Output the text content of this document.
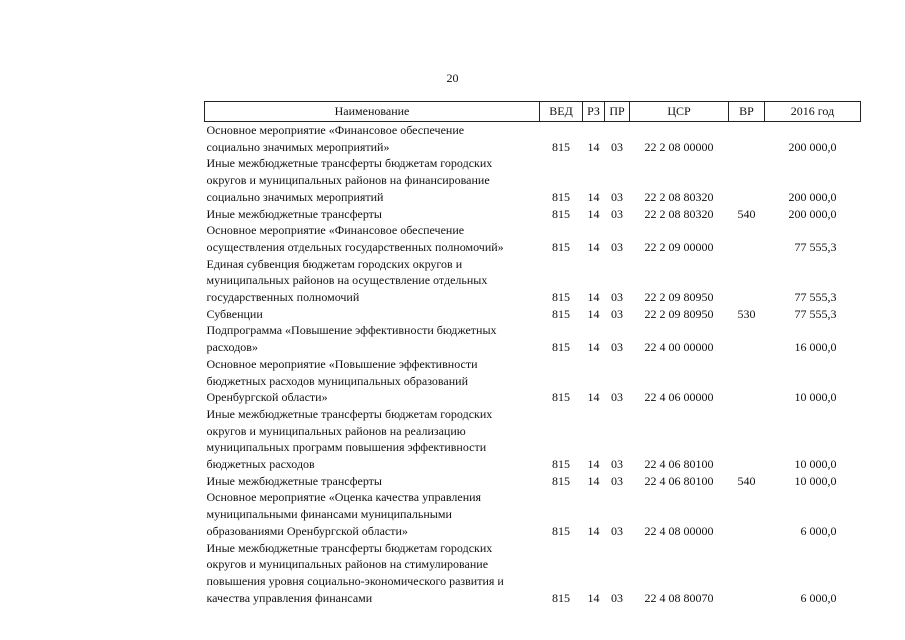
20
Наименование	ВЕД	РЗ	ПР	ЦСР	ВР	2016 год

Основное мероприятие «Финансовое обеспечение
социально значимых мероприятий»	815	14	03	22 2 08 00000		200 000,0

Иные межбюджетные трансферты бюджетам городских
округов и муниципальных районов на финансирование
социально значимых мероприятий	815	14	03	22 2 08 80320		200 000,0

Иные межбюджетные трансферты	815	14	03	22 2 08 80320	540	200 000,0

Основное мероприятие «Финансовое обеспечение
осуществления отдельных государственных полномочий»	815	14	03	22 2 09 00000		77 555,3

Единая субвенция бюджетам городских округов и
муниципальных районов на осуществление отдельных
государственных полномочий	815	14	03	22 2 09 80950		77 555,3

Субвенции	815	14	03	22 2 09 80950	530	77 555,3

Подпрограмма «Повышение эффективности бюджетных
расходов»	815	14	03	22 4 00 00000		16 000,0

Основное мероприятие «Повышение эффективности
бюджетных расходов муниципальных образований
Оренбургской области»	815	14	03	22 4 06 00000		10 000,0

Иные межбюджетные трансферты бюджетам городских
округов и муниципальных районов на реализацию
муниципальных программ повышения эффективности
бюджетных расходов	815	14	03	22 4 06 80100		10 000,0

Иные межбюджетные трансферты	815	14	03	22 4 06 80100	540	10 000,0

Основное мероприятие «Оценка качества управления
муниципальными финансами муниципальными
образованиями Оренбургской области»	815	14	03	22 4 08 00000		6 000,0

Иные межбюджетные трансферты бюджетам городских
округов и муниципальных районов на стимулирование
повышения уровня социально-экономического развития и
качества управления финансами	815	14	03	22 4 08 80070		6 000,0
